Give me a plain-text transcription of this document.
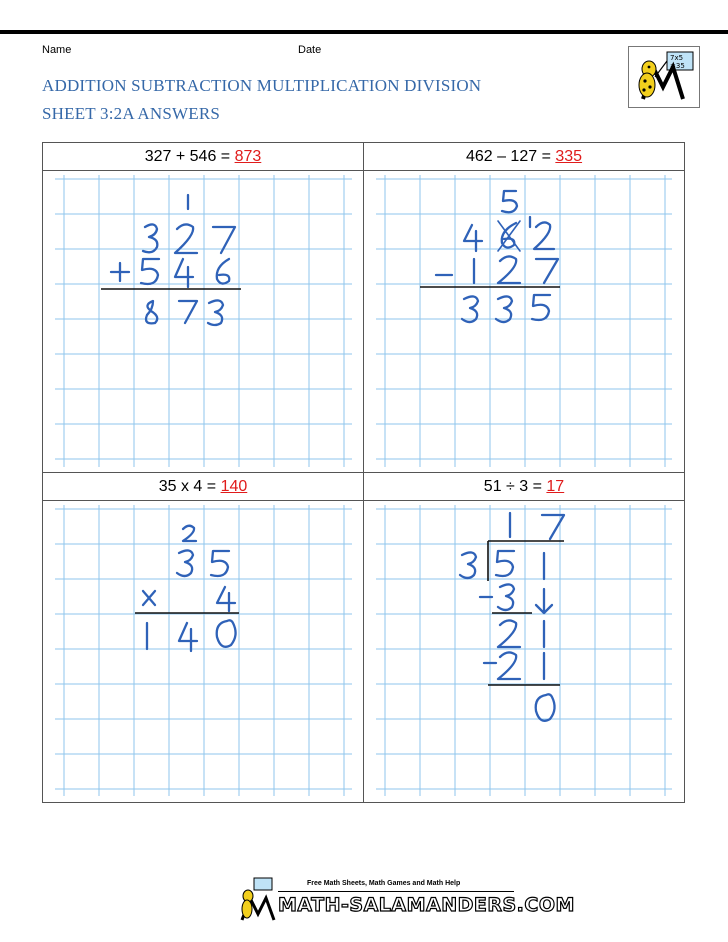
Name	Date
ADDITION SUBTRACTION MULTIPLICATION DIVISION
SHEET 3:2A ANSWERS
7x5
=35
327 + 546 = 873	462 – 127 = 335
35 x 4 = 140	51 ÷ 3 = 17
Free Math Sheets, Math Games and Math Help
MATH-SALAMANDERS.COM
